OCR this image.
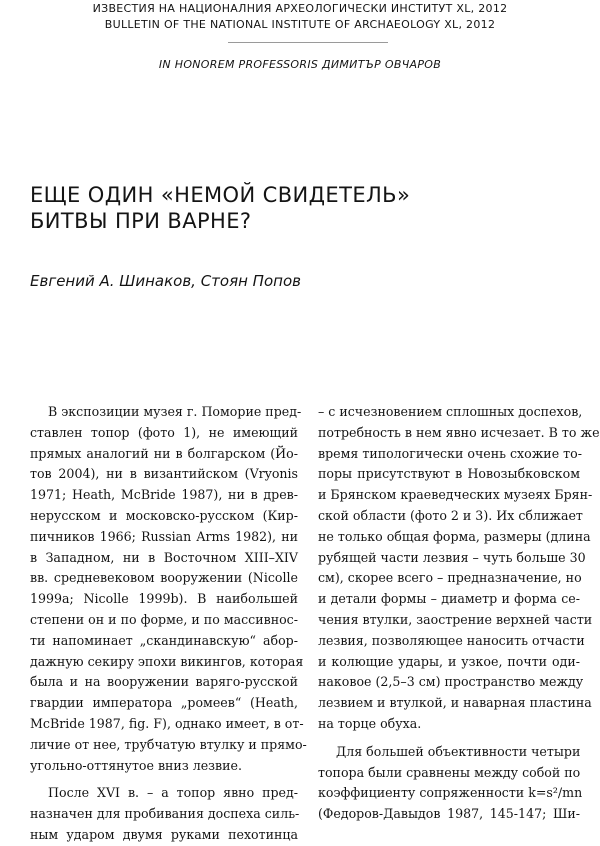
ИЗВЕСТИЯ НА НАЦИОНАЛНИЯ АРХЕОЛОГИЧЕСКИ ИНСТИТУТ XL, 2012
BULLETIN OF THE NATIONAL INSTITUTE OF ARCHAEOLOGY XL, 2012
IN HONOREM PROFESSORIS ДИМИТЪР ОВЧАРОВ
ЕЩЕ ОДИН «НЕМОЙ СВИДЕТЕЛЬ»
БИТВЫ ПРИ ВАРНЕ?
Евгений А. Шинаков, Стоян Попов
В экспозиции музея г. Поморие пред-
ставлен топор (фото 1), не имеющий
прямых аналогий ни в болгарском (Йо-
тов 2004), ни в византийском (Vryonis
1971; Heath, McBride 1987), ни в древ-
нерусском и московско-русском (Кир-
пичников 1966; Russian Arms 1982), ни
в Западном, ни в Восточном XIII–XIV
вв. средневековом вооружении (Nicolle
1999a; Nicolle 1999b). В наибольшей
степени он и по форме, и по массивнос-
ти напоминает „скандинавскую“ абор-
дажную секиру эпохи викингов, которая
была и на вооружении варяго-русской
гвардии императора „ромеев“ (Heath,
McBride 1987, fig. F), однако имеет, в от-
личие от нее, трубчатую втулку и прямо-
угольно-оттянутое вниз лезвие.
После XVI в. – а топор явно пред-
назначен для пробивания доспеха силь-
ным ударом двумя руками пехотинца
– с исчезновением сплошных доспехов,
потребность в нем явно исчезает. В то же
время типологически очень схожие то-
поры присутствуют в Новозыбковском
и Брянском краеведческих музеях Брян-
ской области (фото 2 и 3). Их сближает
не только общая форма, размеры (длина
рубящей части лезвия – чуть больше 30
см), скорее всего – предназначение, но
и детали формы – диаметр и форма се-
чения втулки, заострение верхней части
лезвия, позволяющее наносить отчасти
и колющие удары, и узкое, почти оди-
наковое (2,5–3 см) пространство между
лезвием и втулкой, и наварная пластина
на торце обуха.
Для большей объективности четыри
топора были сравнены между собой по
коэффициенту сопряженности k=s²/mn
(Федоров-Давыдов 1987, 145-147; Ши-
